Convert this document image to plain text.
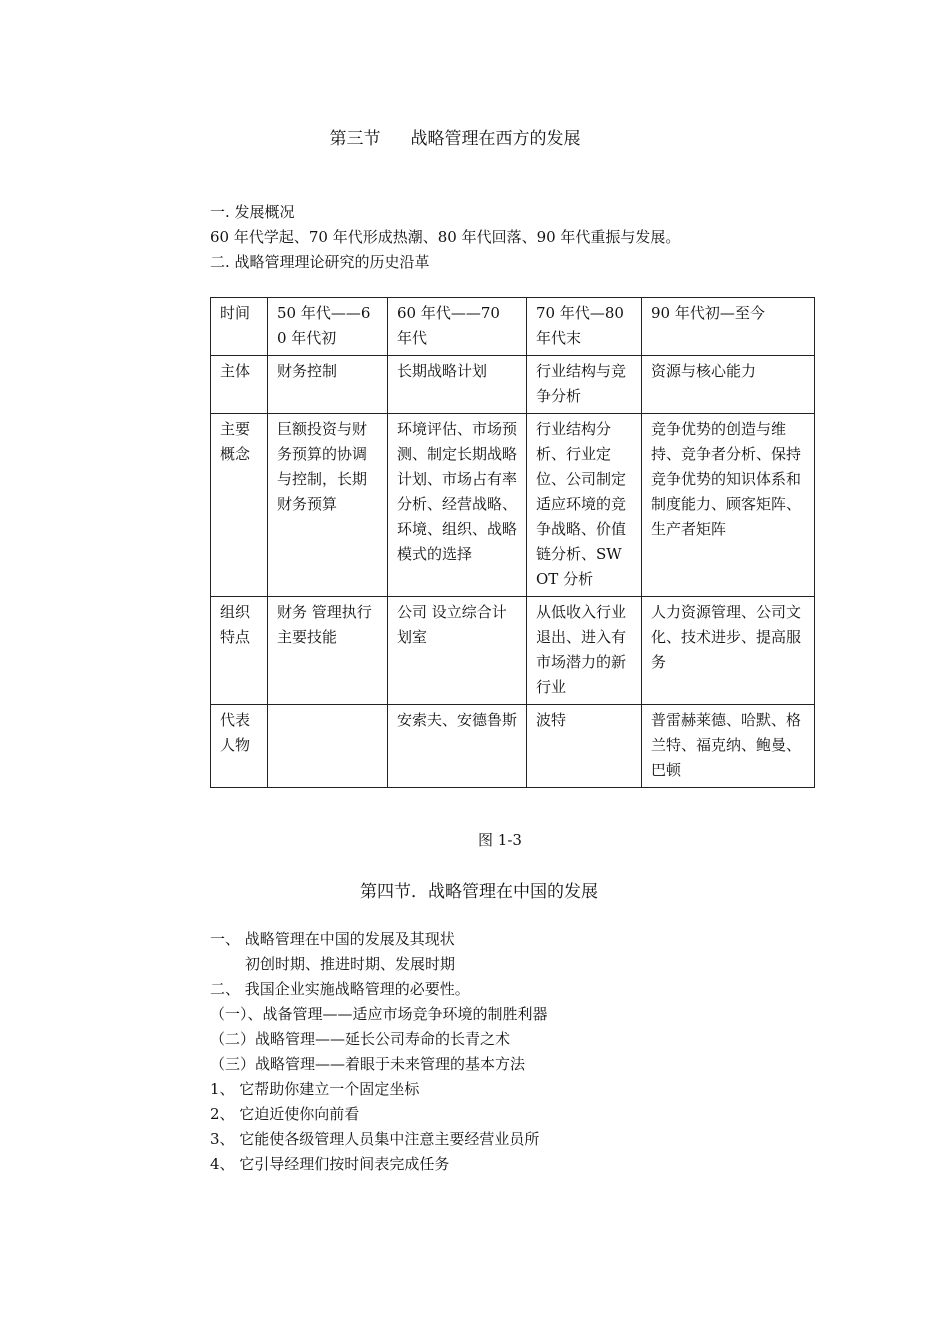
第三节 战略管理在西方的发展
一. 发展概况
60 年代学起、70 年代形成热潮、80 年代回落、90 年代重振与发展。
二. 战略管理理论研究的历史沿革
时间	50 年代——60 年代初	60 年代——70 年代	70 年代—80 年代末	90 年代初—至今
主体	财务控制	长期战略计划	行业结构与竞争分析	资源与核心能力
主要概念	巨额投资与财务预算的协调与控制，长期财务预算	环境评估、市场预测、制定长期战略计划、市场占有率分析、经营战略、环境、组织、战略模式的选择	行业结构分析、行业定位、公司制定适应环境的竞争战略、价值链分析、SWOT 分析	竞争优势的创造与维持、竞争者分析、保持竞争优势的知识体系和制度能力、顾客矩阵、生产者矩阵
组织特点	财务 管理执行主要技能	公司 设立综合计划室	从低收入行业退出、进入有市场潜力的新行业	人力资源管理、公司文化、技术进步、提高服务
代表人物		安索夫、安德鲁斯	波特	普雷赫莱德、哈默、格兰特、福克纳、鲍曼、巴顿
图 1-3
第四节．战略管理在中国的发展
一、 战略管理在中国的发展及其现状
初创时期、推进时期、发展时期
二、 我国企业实施战略管理的必要性。
（一）、战备管理——适应市场竞争环境的制胜利器
（二）战略管理——延长公司寿命的长青之术
（三）战略管理——着眼于未来管理的基本方法
1、 它帮助你建立一个固定坐标
2、 它迫近使你向前看
3、 它能使各级管理人员集中注意主要经营业员所
4、 它引导经理们按时间表完成任务
